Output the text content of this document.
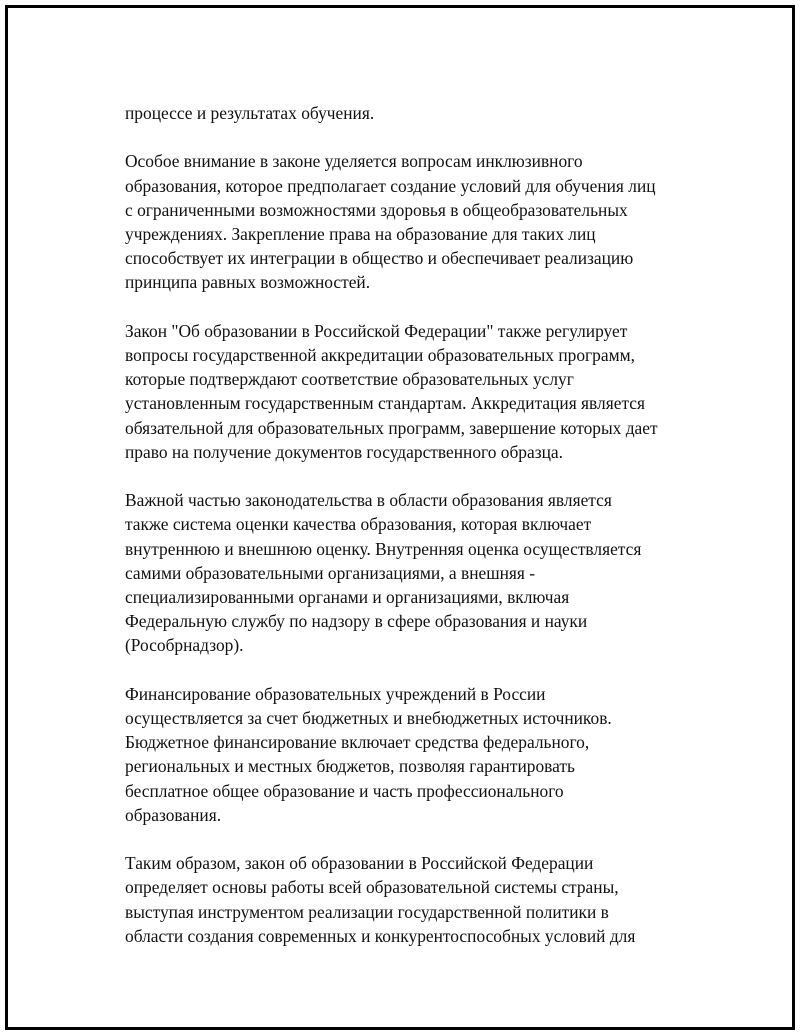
процессе и результатах обучения.

Особое внимание в законе уделяется вопросам инклюзивного
образования, которое предполагает создание условий для обучения лиц
с ограниченными возможностями здоровья в общеобразовательных
учреждениях. Закрепление права на образование для таких лиц
способствует их интеграции в общество и обеспечивает реализацию
принципа равных возможностей.

Закон "Об образовании в Российской Федерации" также регулирует
вопросы государственной аккредитации образовательных программ,
которые подтверждают соответствие образовательных услуг
установленным государственным стандартам. Аккредитация является
обязательной для образовательных программ, завершение которых дает
право на получение документов государственного образца.

Важной частью законодательства в области образования является
также система оценки качества образования, которая включает
внутреннюю и внешнюю оценку. Внутренняя оценка осуществляется
самими образовательными организациями, а внешняя -
специализированными органами и организациями, включая
Федеральную службу по надзору в сфере образования и науки
(Рособрнадзор).

Финансирование образовательных учреждений в России
осуществляется за счет бюджетных и внебюджетных источников.
Бюджетное финансирование включает средства федерального,
региональных и местных бюджетов, позволяя гарантировать
бесплатное общее образование и часть профессионального
образования.

Таким образом, закон об образовании в Российской Федерации
определяет основы работы всей образовательной системы страны,
выступая инструментом реализации государственной политики в
области создания современных и конкурентоспособных условий для
